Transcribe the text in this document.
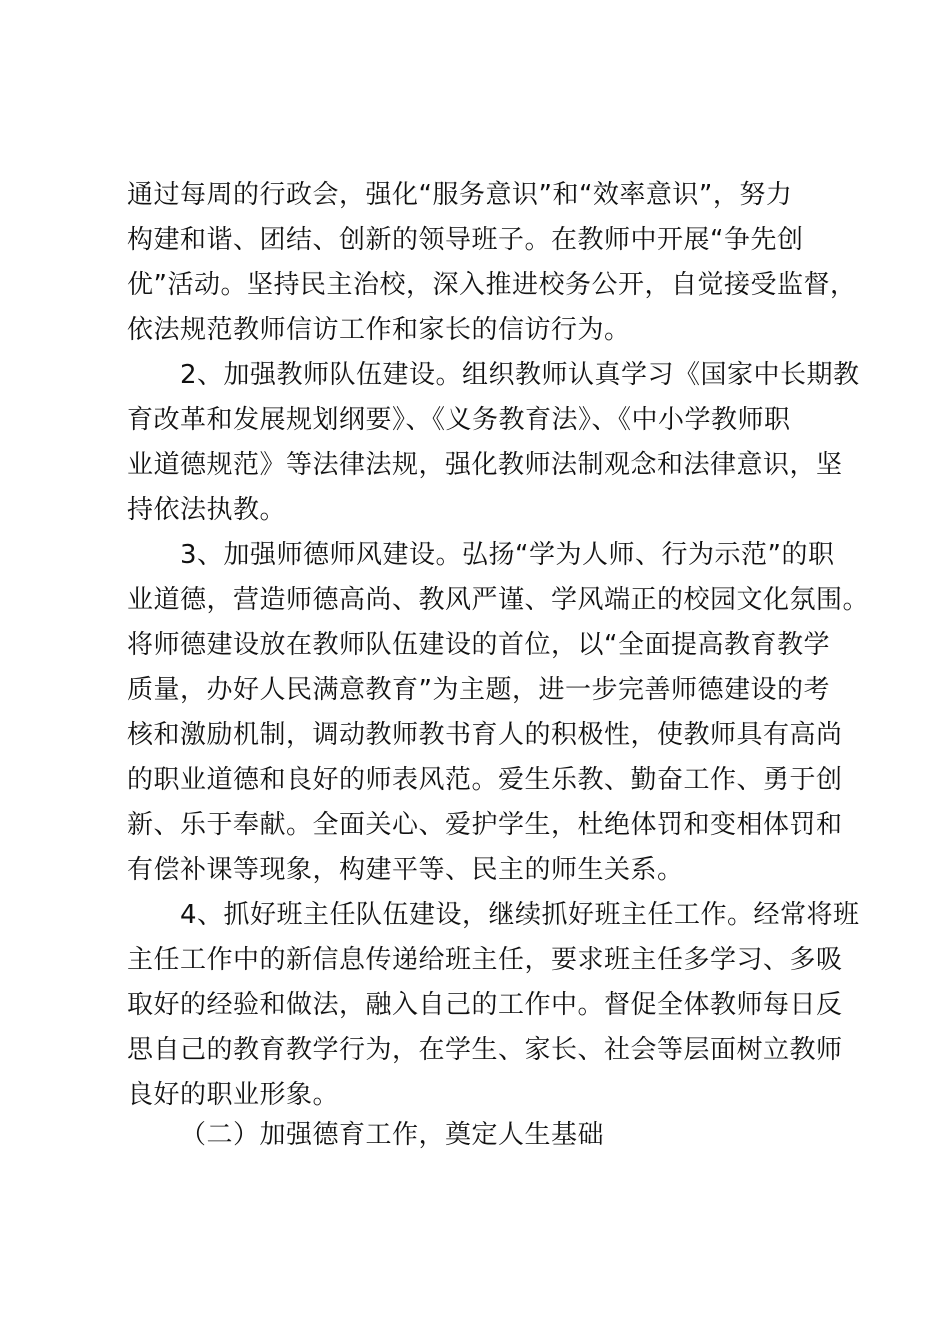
通过每周的行政会，强化“服务意识”和“效率意识”，努力
构建和谐、团结、创新的领导班子。在教师中开展“争先创
优”活动。坚持民主治校，深入推进校务公开，自觉接受监督，
依法规范教师信访工作和家长的信访行为。
2、加强教师队伍建设。组织教师认真学习《国家中长期教
育改革和发展规划纲要》、《义务教育法》、《中小学教师职
业道德规范》等法律法规，强化教师法制观念和法律意识，坚
持依法执教。
3、加强师德师风建设。弘扬“学为人师、行为示范”的职
业道德，营造师德高尚、教风严谨、学风端正的校园文化氛围。
将师德建设放在教师队伍建设的首位，以“全面提高教育教学
质量，办好人民满意教育”为主题，进一步完善师德建设的考
核和激励机制，调动教师教书育人的积极性，使教师具有高尚
的职业道德和良好的师表风范。爱生乐教、勤奋工作、勇于创
新、乐于奉献。全面关心、爱护学生，杜绝体罚和变相体罚和
有偿补课等现象，构建平等、民主的师生关系。
4、抓好班主任队伍建设，继续抓好班主任工作。经常将班
主任工作中的新信息传递给班主任，要求班主任多学习、多吸
取好的经验和做法，融入自己的工作中。督促全体教师每日反
思自己的教育教学行为，在学生、家长、社会等层面树立教师
良好的职业形象。
（二）加强德育工作，奠定人生基础
